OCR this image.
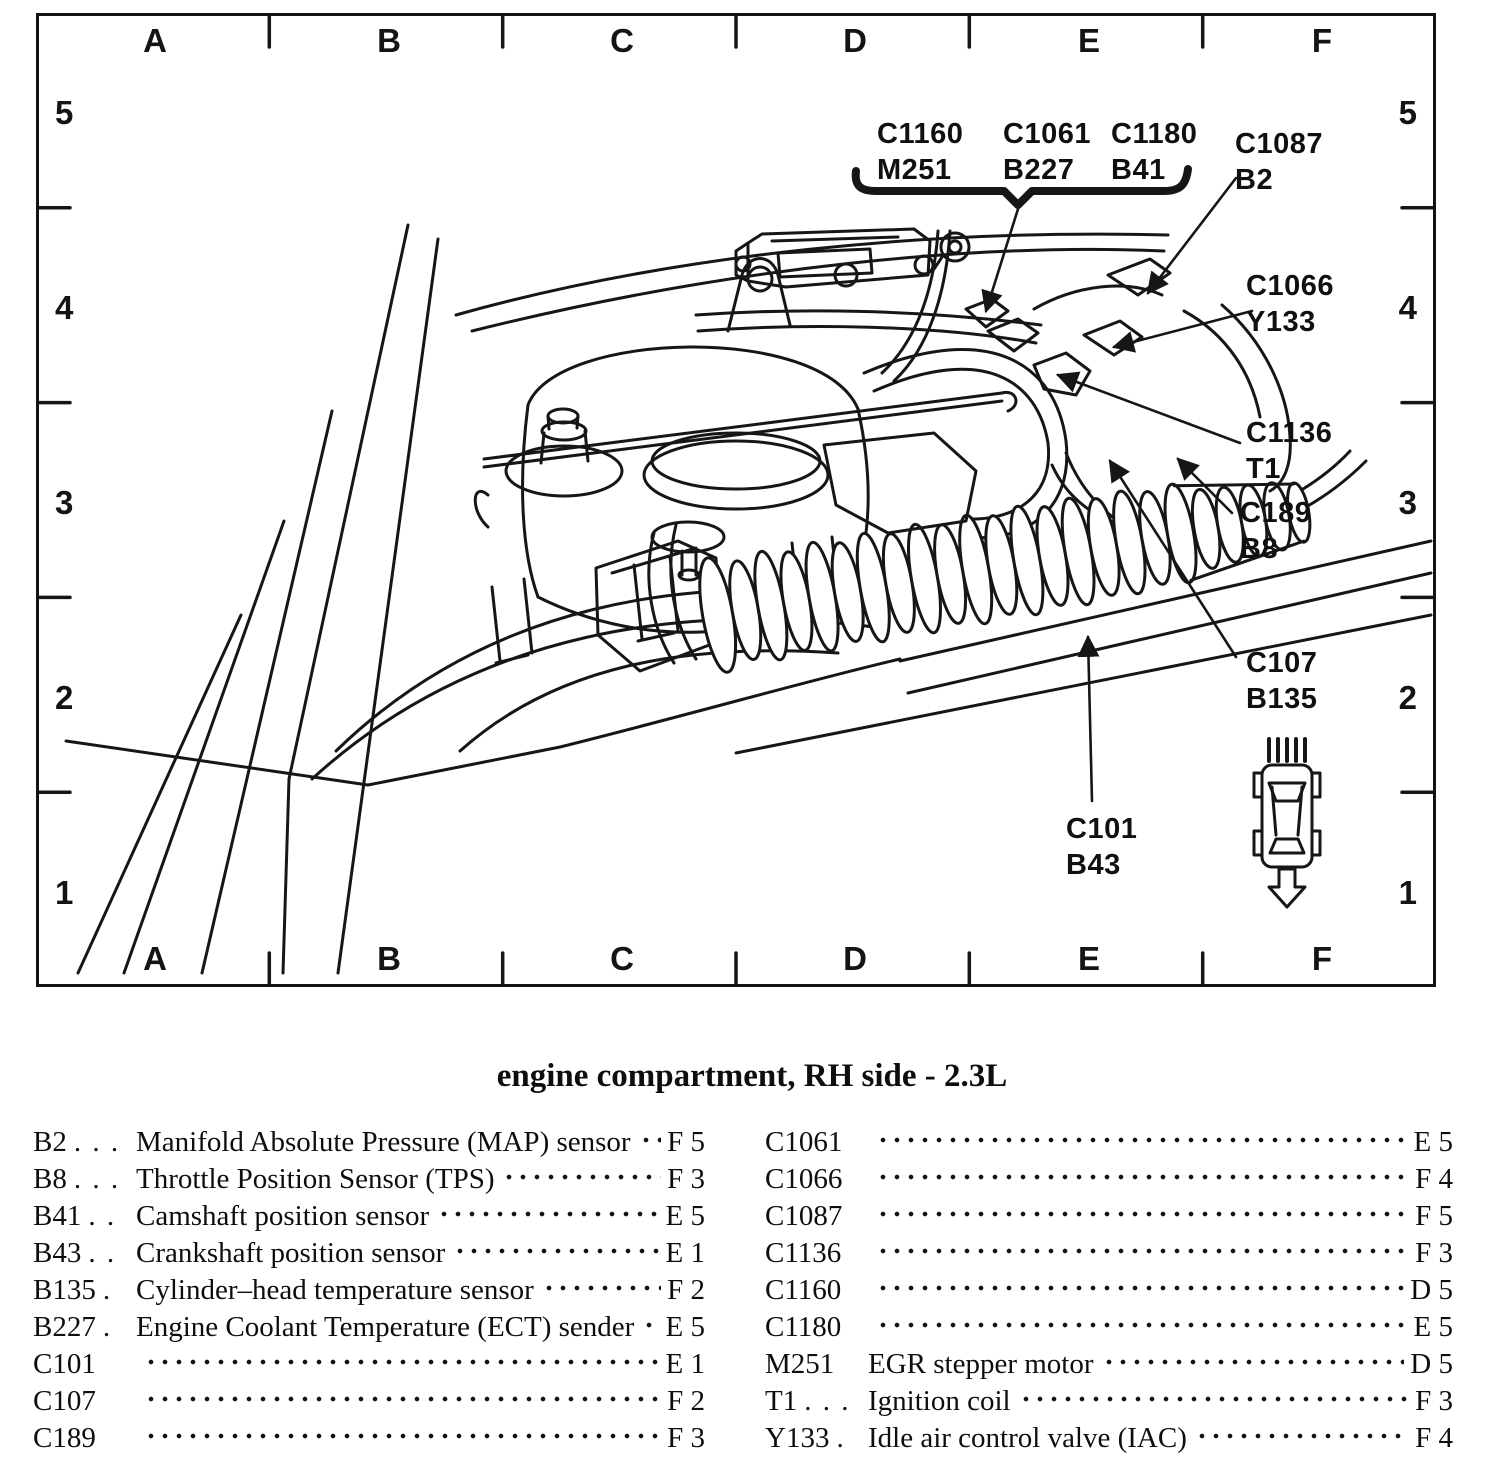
A	B	C	D	E	F
A	B	C	D	E	F
5
4
3
2
1
5
4
3
2
1
C1160
M251
C1061
B227
C1180
B41
C1087
B2
C1066
Y133
C1136
T1
C189
B8
C107
B135
C101
B43
engine compartment, RH side - 2.3L
B2 . . . Manifold Absolute Pressure (MAP) sensor F 5
B8 . . . Throttle Position Sensor (TPS)	F 3
B41 . . Camshaft position sensor	E 5
B43 . . Crankshaft position sensor	E 1
B135 . Cylinder–head temperature sensor	F 2
B227 . Engine Coolant Temperature (ECT) sender E 5
C101	E 1
C107	F 2
C189	F 3
C1061	E 5
C1066	F 4
C1087	F 5
C1136	F 3
C1160	D 5
C1180	E 5
M251	EGR stepper motor	D 5
T1 . . . Ignition coil	F 3
Y133 . Idle air control valve (IAC)	F 4
